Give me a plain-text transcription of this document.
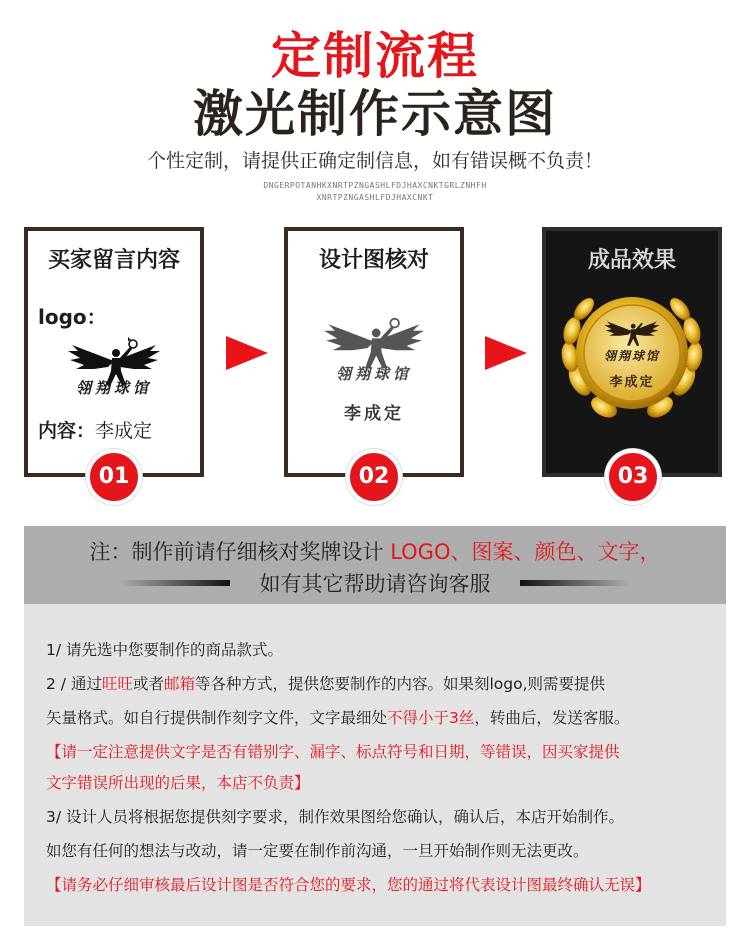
定制流程
激光制作示意图
个性定制，请提供正确定制信息，如有错误概不负责！
DNGERPOTANHKXNRTPZNGASHLFDJHAXCNKTGRLZNHFH
XNRTPZNGASHLFDJHAXCNKT
买家留言内容
logo：
翎翔球馆
内容：李成定
设计图核对
翎翔球馆
李成定
成品效果
翎翔球馆
李成定
01	02	03
注：制作前请仔细核对奖牌设计 LOGO、图案、颜色、文字，
如有其它帮助请咨询客服
1/ 请先选中您要制作的商品款式。
2 / 通过旺旺或者邮箱等各种方式，提供您要制作的内容。如果刻logo,则需要提供
矢量格式。如自行提供制作刻字文件，文字最细处不得小于3丝，转曲后，发送客服。
【请一定注意提供文字是否有错别字、漏字、标点符号和日期，等错误，因买家提供
文字错误所出现的后果，本店不负责】
3/ 设计人员将根据您提供刻字要求，制作效果图给您确认，确认后，本店开始制作。
如您有任何的想法与改动，请一定要在制作前沟通，一旦开始制作则无法更改。
【请务必仔细审核最后设计图是否符合您的要求，您的通过将代表设计图最终确认无误】
